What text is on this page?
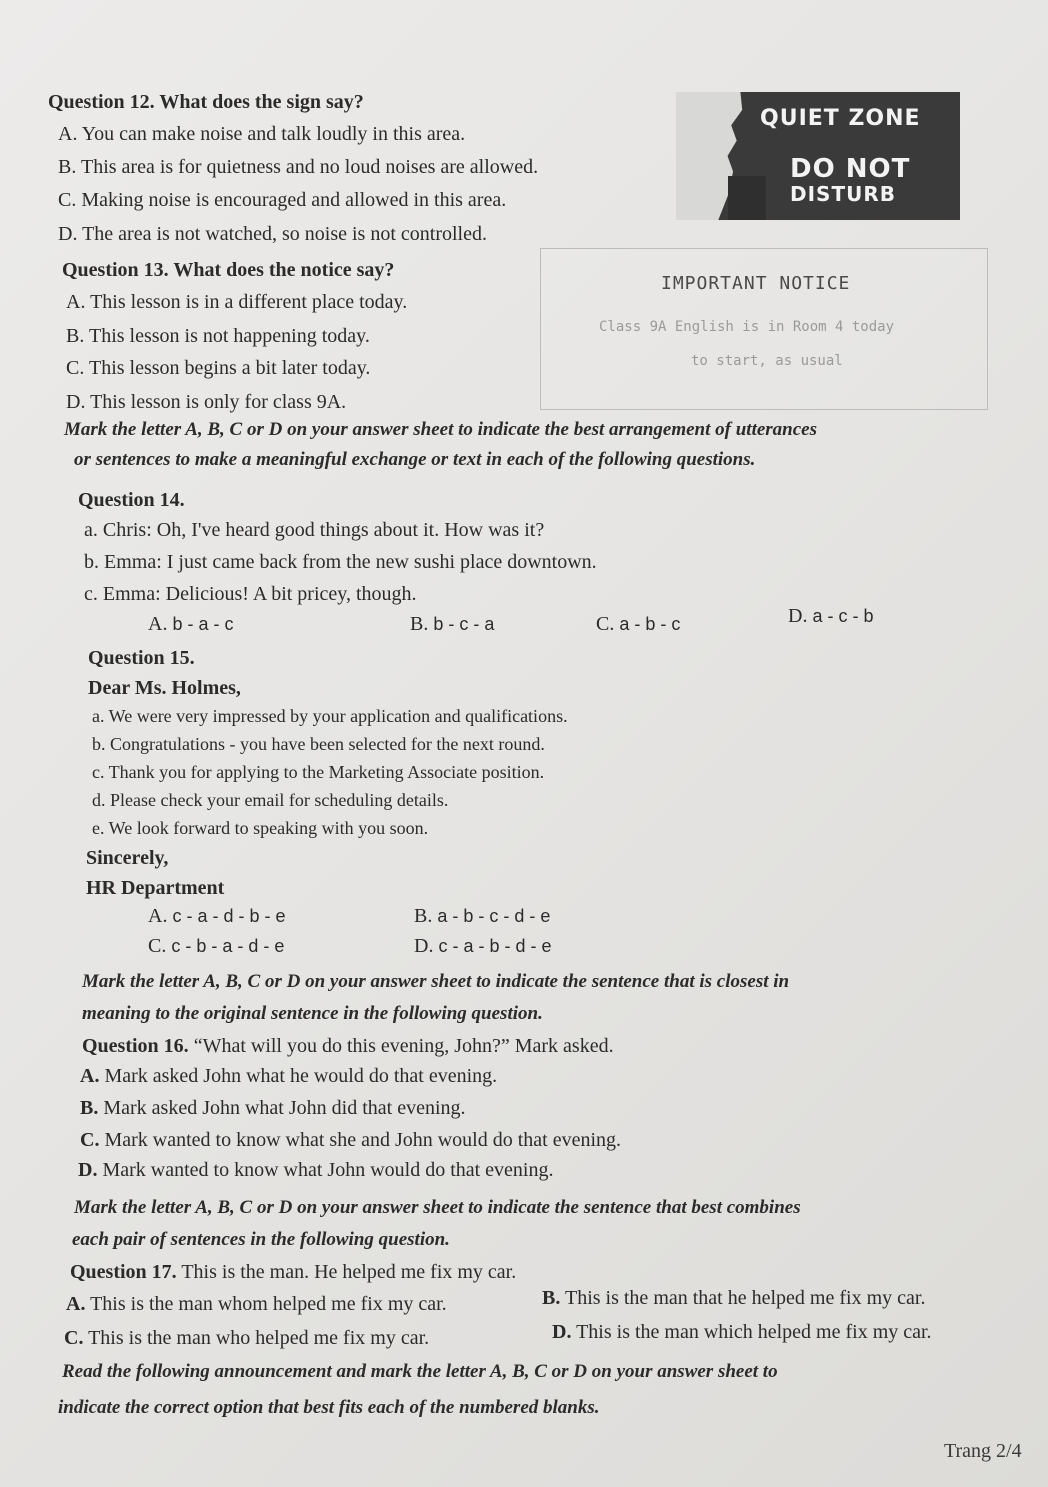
Question 12. What does the sign say?
A. You can make noise and talk loudly in this area.
B. This area is for quietness and no loud noises are allowed.
C. Making noise is encouraged and allowed in this area.
D. The area is not watched, so noise is not controlled.
QUIET ZONE
DO NOT
DISTURB
Question 13. What does the notice say?
A. This lesson is in a different place today.
B. This lesson is not happening today.
C. This lesson begins a bit later today.
D. This lesson is only for class 9A.
IMPORTANT NOTICE
Class 9A English is in Room 4 today
to start, as usual
Mark the letter A, B, C or D on your answer sheet to indicate the best arrangement of utterances
or sentences to make a meaningful exchange or text in each of the following questions.
Question 14.
a. Chris: Oh, I've heard good things about it. How was it?
b. Emma: I just came back from the new sushi place downtown.
c. Emma: Delicious! A bit pricey, though.
A. b - a - c	B. b - c - a	C. a - b - c	D. a - c - b
Question 15.
Dear Ms. Holmes,
a. We were very impressed by your application and qualifications.
b. Congratulations - you have been selected for the next round.
c. Thank you for applying to the Marketing Associate position.
d. Please check your email for scheduling details.
e. We look forward to speaking with you soon.
Sincerely,
HR Department
A. c - a - d - b - e	B. a - b - c - d - e
C. c - b - a - d - e	D. c - a - b - d - e
Mark the letter A, B, C or D on your answer sheet to indicate the sentence that is closest in
meaning to the original sentence in the following question.
Question 16. “What will you do this evening, John?” Mark asked.
A. Mark asked John what he would do that evening.
B. Mark asked John what John did that evening.
C. Mark wanted to know what she and John would do that evening.
D. Mark wanted to know what John would do that evening.
Mark the letter A, B, C or D on your answer sheet to indicate the sentence that best combines
each pair of sentences in the following question.
Question 17. This is the man. He helped me fix my car.
A. This is the man whom helped me fix my car.	B. This is the man that he helped me fix my car.
C. This is the man who helped me fix my car.	D. This is the man which helped me fix my car.
Read the following announcement and mark the letter A, B, C or D on your answer sheet to
indicate the correct option that best fits each of the numbered blanks.
Trang 2/4
